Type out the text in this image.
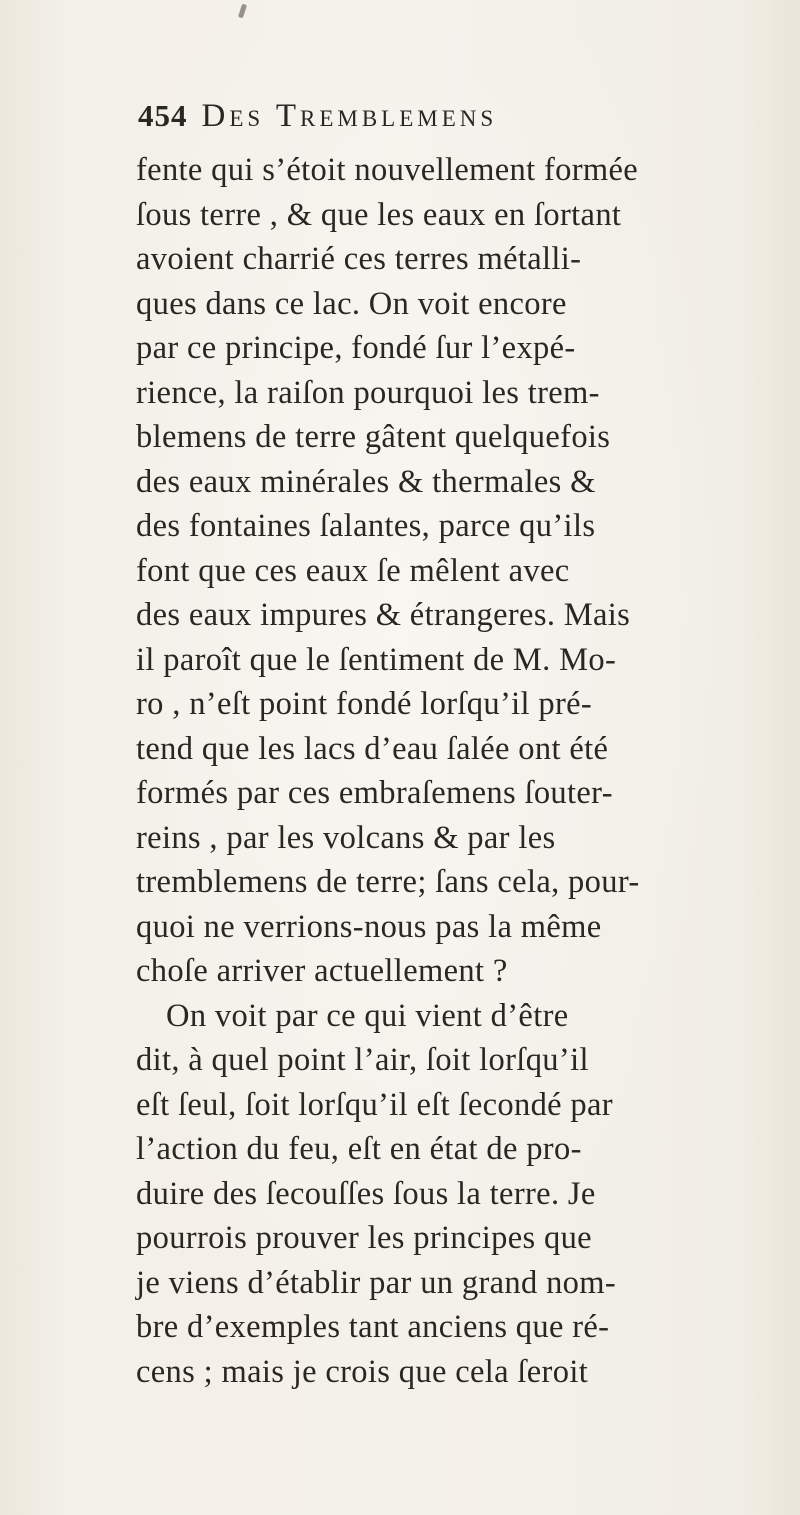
454 Des Tremblemens
fente qui s’étoit nouvellement formée
ſous terre , & que les eaux en ſortant
avoient charrié ces terres métalli-
ques dans ce lac. On voit encore
par ce principe, fondé ſur l’expé-
rience, la raiſon pourquoi les trem-
blemens de terre gâtent quelquefois
des eaux minérales & thermales &
des fontaines ſalantes, parce qu’ils
font que ces eaux ſe mêlent avec
des eaux impures & étrangeres. Mais
il paroît que le ſentiment de M. Mo-
ro , n’eſt point fondé lorſqu’il pré-
tend que les lacs d’eau ſalée ont été
formés par ces embraſemens ſouter-
reins , par les volcans & par les
tremblemens de terre; ſans cela, pour-
quoi ne verrions-nous pas la même
choſe arriver actuellement ?
On voit par ce qui vient d’être
dit, à quel point l’air, ſoit lorſqu’il
eſt ſeul, ſoit lorſqu’il eſt ſecondé par
l’action du feu, eſt en état de pro-
duire des ſecouſſes ſous la terre. Je
pourrois prouver les principes que
je viens d’établir par un grand nom-
bre d’exemples tant anciens que ré-
cens ; mais je crois que cela ſeroit
